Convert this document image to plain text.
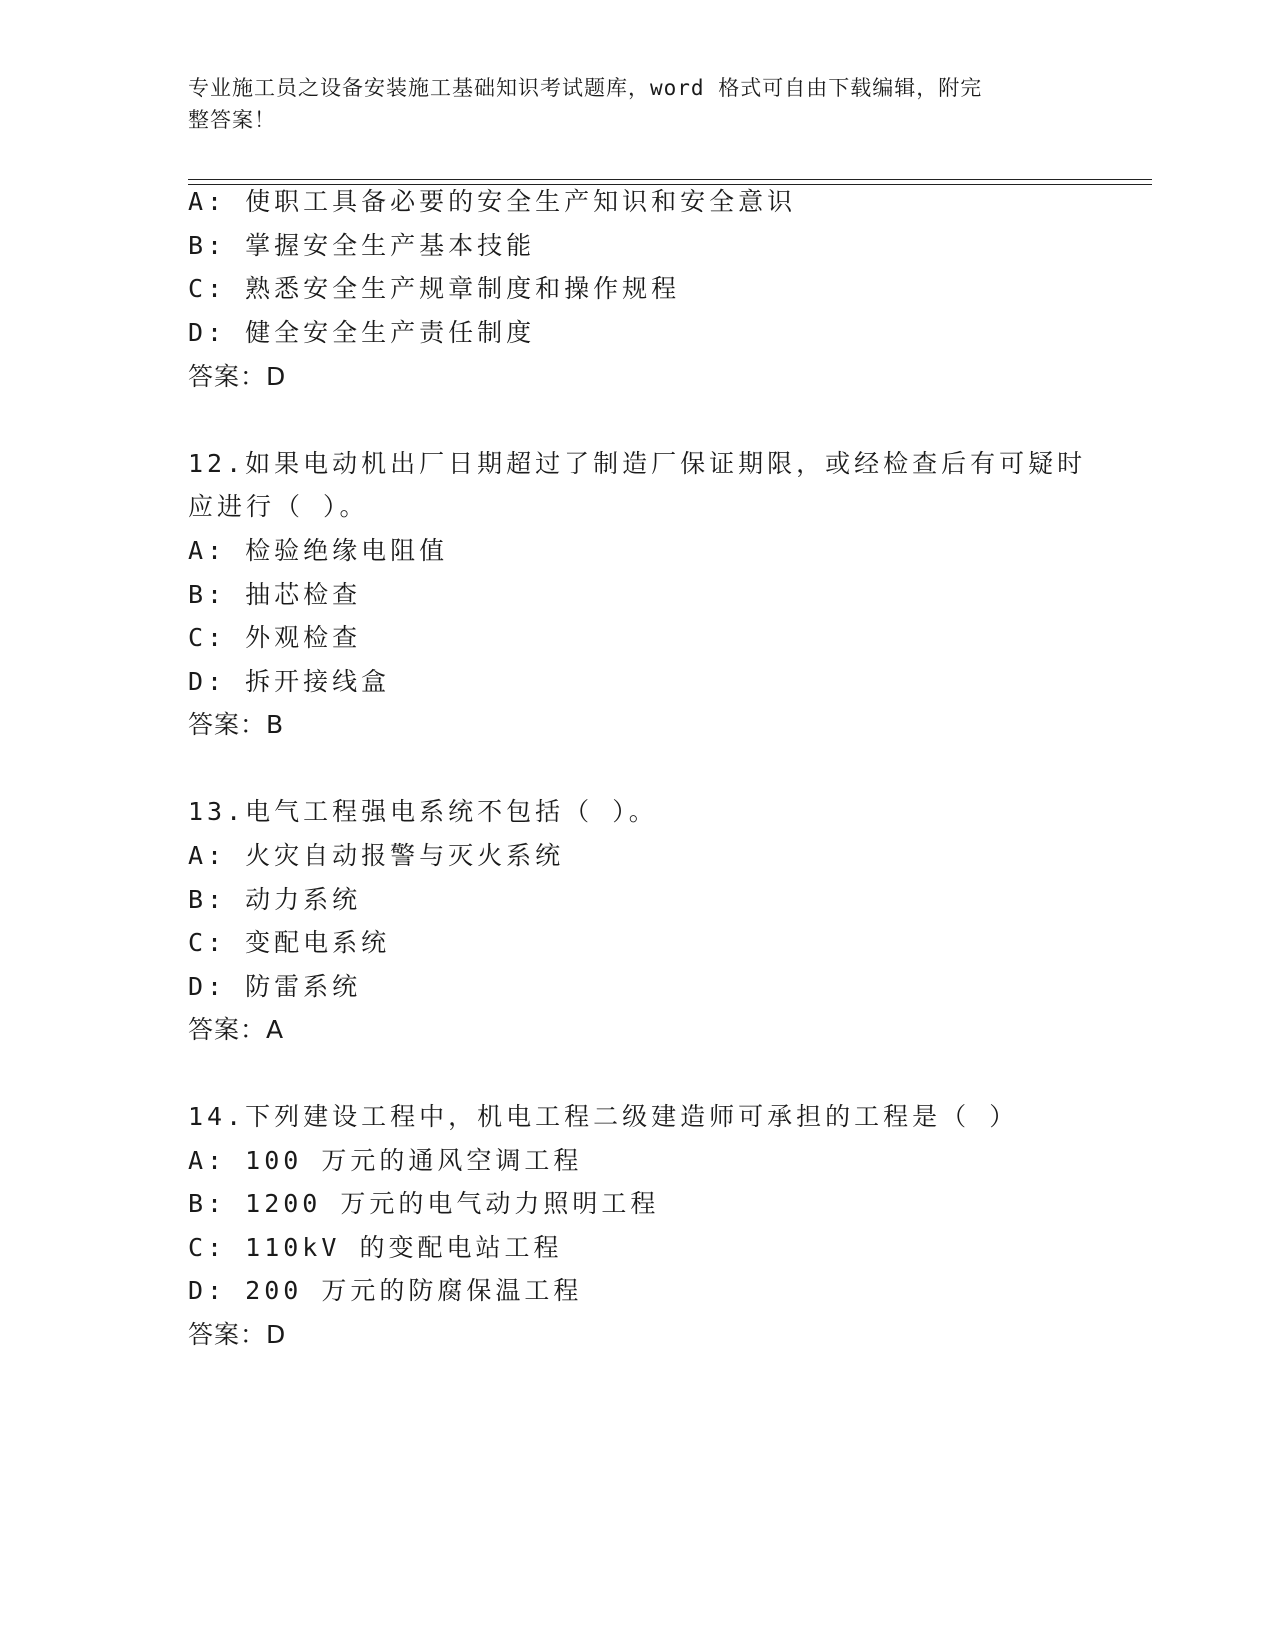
专业施工员之设备安装施工基础知识考试题库，word 格式可自由下载编辑，附完
整答案！
A: 使职工具备必要的安全生产知识和安全意识
B: 掌握安全生产基本技能
C: 熟悉安全生产规章制度和操作规程
D: 健全安全生产责任制度
答案：D
12.如果电动机出厂日期超过了制造厂保证期限，或经检查后有可疑时
应进行（ ）。
A: 检验绝缘电阻值
B: 抽芯检查
C: 外观检查
D: 拆开接线盒
答案：B
13.电气工程强电系统不包括（ ）。
A: 火灾自动报警与灭火系统
B: 动力系统
C: 变配电系统
D: 防雷系统
答案：A
14.下列建设工程中，机电工程二级建造师可承担的工程是（ ）
A: 100 万元的通风空调工程
B: 1200 万元的电气动力照明工程
C: 110kV 的变配电站工程
D: 200 万元的防腐保温工程
答案：D
